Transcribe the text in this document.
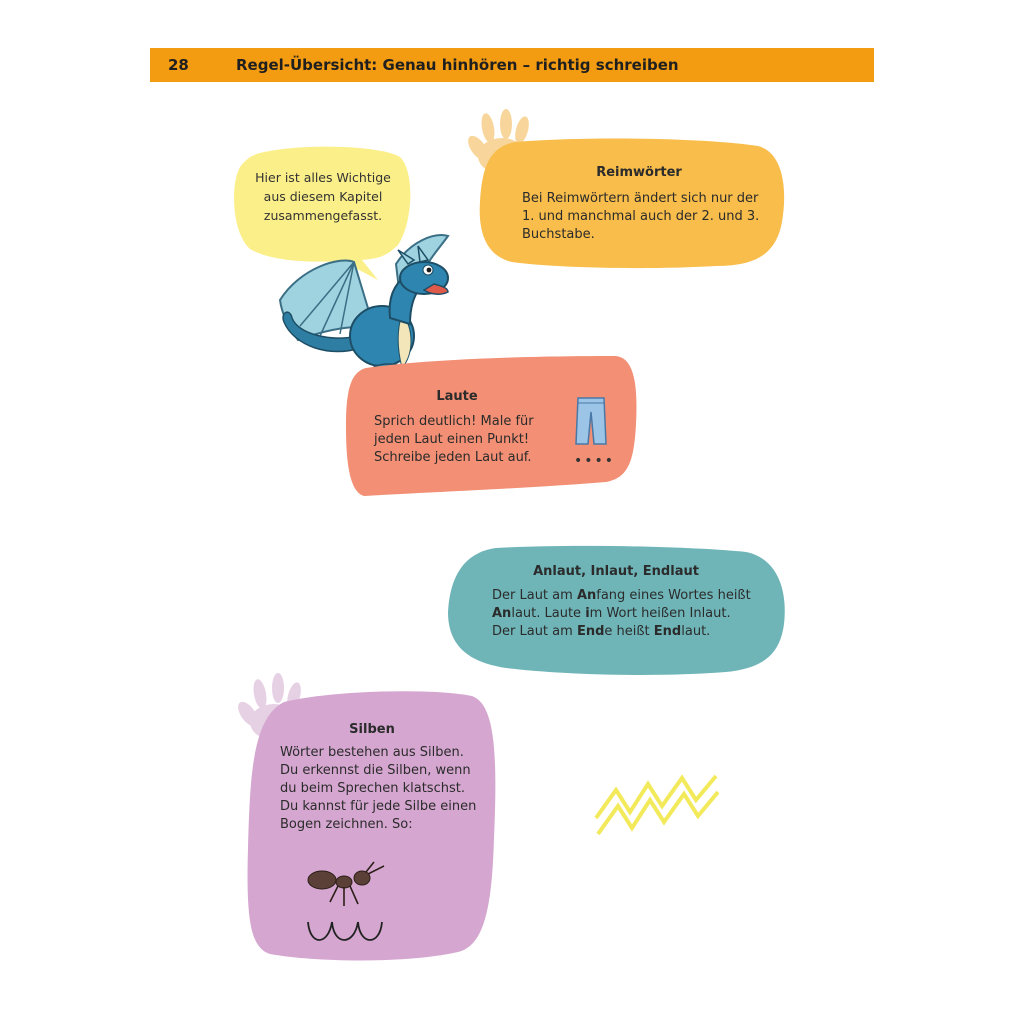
28	Regel-Übersicht: Genau hinhören – richtig schreiben
Hier ist alles Wichtige
aus diesem Kapitel
zusammengefasst.
Reimwörter
Bei Reimwörtern ändert sich nur der
1. und manchmal auch der 2. und 3.
Buchstabe.
Laute
Sprich deutlich! Male für
jeden Laut einen Punkt!
Schreibe jeden Laut auf.	••••
Anlaut, Inlaut, Endlaut
Der Laut am Anfang eines Wortes heißt
Anlaut. Laute im Wort heißen Inlaut.
Der Laut am Ende heißt Endlaut.
Silben
Wörter bestehen aus Silben.
Du erkennst die Silben, wenn
du beim Sprechen klatschst.
Du kannst für jede Silbe einen
Bogen zeichnen. So:
